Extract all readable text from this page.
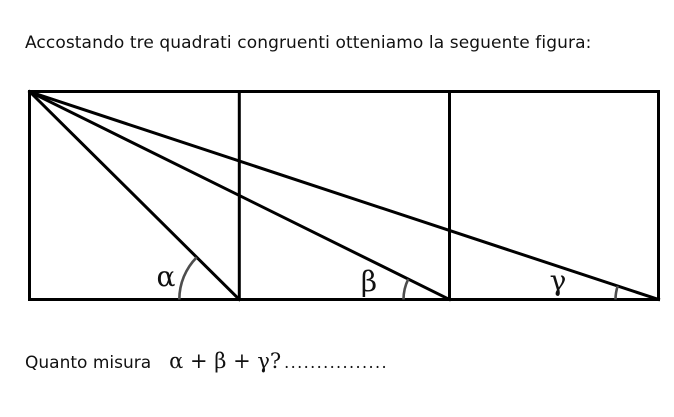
Accostando tre quadrati congruenti otteniamo la seguente figura:
α	β	γ
Quanto misura α + β + γ? ................
